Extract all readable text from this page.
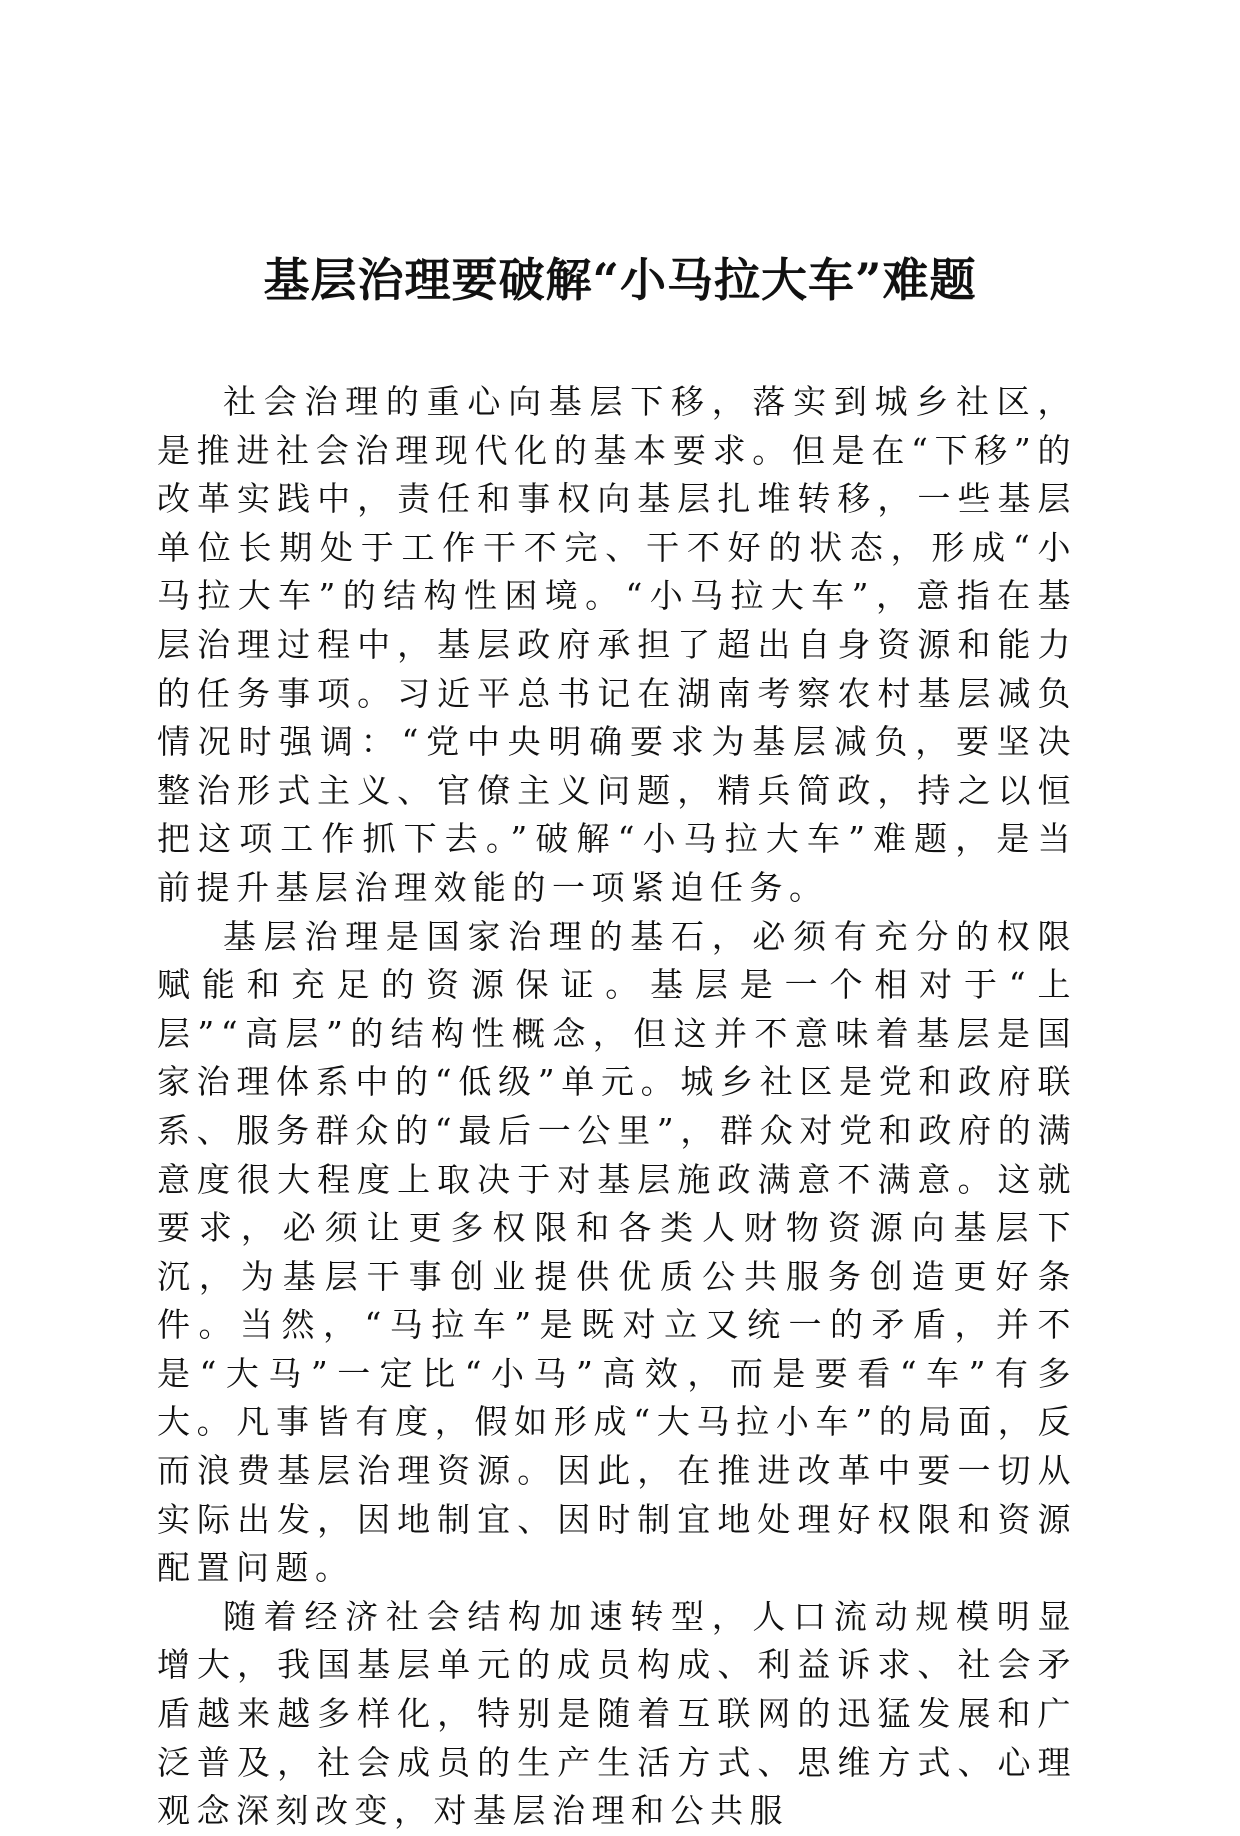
基层治理要破解“小马拉大车”难题

社会治理的重心向基层下移，落实到城乡社区，是推进社会治理现代化的基本要求。但是在“下移”的改革实践中，责任和事权向基层扎堆转移，一些基层单位长期处于工作干不完、干不好的状态，形成“小马拉大车”的结构性困境。“小马拉大车”，意指在基层治理过程中，基层政府承担了超出自身资源和能力的任务事项。习近平总书记在湖南考察农村基层减负情况时强调：“党中央明确要求为基层减负，要坚决整治形式主义、官僚主义问题，精兵简政，持之以恒把这项工作抓下去。”破解“小马拉大车”难题，是当前提升基层治理效能的一项紧迫任务。

基层治理是国家治理的基石，必须有充分的权限赋能和充足的资源保证。基层是一个相对于“上层”“高层”的结构性概念，但这并不意味着基层是国家治理体系中的“低级”单元。城乡社区是党和政府联系、服务群众的“最后一公里”，群众对党和政府的满意度很大程度上取决于对基层施政满意不满意。这就要求，必须让更多权限和各类人财物资源向基层下沉，为基层干事创业提供优质公共服务创造更好条件。当然，“马拉车”是既对立又统一的矛盾，并不是“大马”一定比“小马”高效，而是要看“车”有多大。凡事皆有度，假如形成“大马拉小车”的局面，反而浪费基层治理资源。因此，在推进改革中要一切从实际出发，因地制宜、因时制宜地处理好权限和资源配置问题。

随着经济社会结构加速转型，人口流动规模明显增大，我国基层单元的成员构成、利益诉求、社会矛盾越来越多样化，特别是随着互联网的迅猛发展和广泛普及，社会成员的生产生活方式、思维方式、心理观念深刻改变，对基层治理和公共服
